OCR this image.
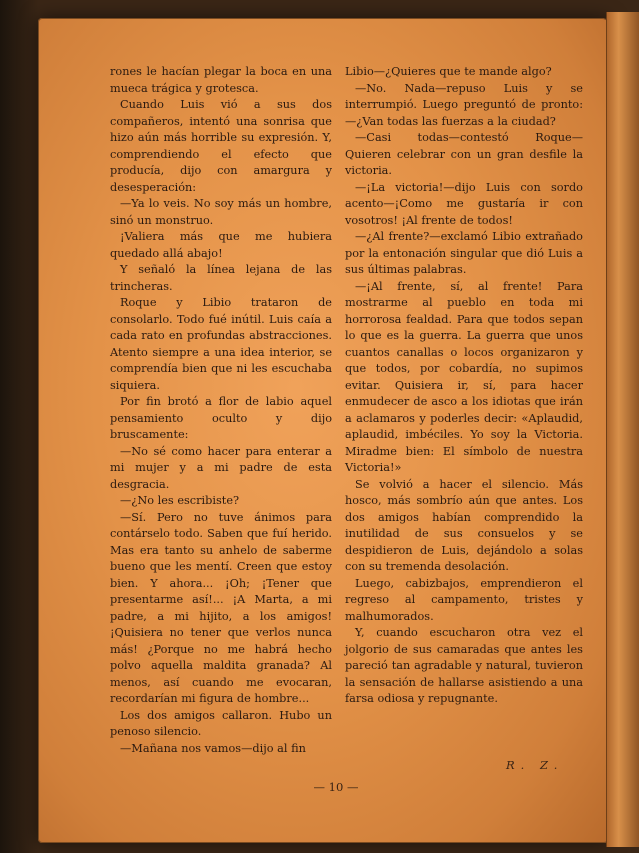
rones le hacían plegar la boca en una mueca trágica y grotesca.

Cuando Luis vió a sus dos compañeros, intentó una sonrisa que hizo aún más horrible su expresión. Y, comprendiendo el efecto que producía, dijo con amargura y desesperación:

—Ya lo veis. No soy más un hombre, sinó un monstruo.

¡Valiera más que me hubiera quedado allá abajo!

Y señaló la línea lejana de las trincheras.

Roque y Libio trataron de consolarlo. Todo fué inútil. Luis caía a cada rato en profundas abstracciones. Atento siempre a una idea interior, se comprendía bien que ni les escuchaba siquiera.

Por fin brotó a flor de labio aquel pensamiento oculto y dijo bruscamente:

—No sé como hacer para enterar a mi mujer y a mi padre de esta desgracia.

—¿No les escribiste?

—Sí. Pero no tuve ánimos para contárselo todo. Saben que fuí herido. Mas era tanto su anhelo de saberme bueno que les mentí. Creen que estoy bien. Y ahora... ¡Oh; ¡Tener que presentarme así!... ¡A Marta, a mi padre, a mi hijito, a los amigos! ¡Quisiera no tener que verlos nunca más! ¿Porque no me habrá hecho polvo aquella maldita granada? Al menos, así cuando me evocaran, recordarían mi figura de hombre...

Los dos amigos callaron. Hubo un penoso silencio.

—Mañana nos vamos—dijo al fin

Libio—¿Quieres que te mande algo?

—No. Nada—repuso Luis y se interrumpió. Luego preguntó de pronto:—¿Van todas las fuerzas a la ciudad?

—Casi todas—contestó Roque—Quieren celebrar con un gran desfile la victoria.

—¡La victoria!—dijo Luis con sordo acento—¡Como me gustaría ir con vosotros! ¡Al frente de todos!

—¿Al frente?—exclamó Libio extrañado por la entonación singular que dió Luis a sus últimas palabras.

—¡Al frente, sí, al frente! Para mostrarme al pueblo en toda mi horrorosa fealdad. Para que todos sepan lo que es la guerra. La guerra que unos cuantos canallas o locos organizaron y que todos, por cobardía, no supimos evitar. Quisiera ir, sí, para hacer enmudecer de asco a los idiotas que irán a aclamaros y poderles decir: «Aplaudid, aplaudid, imbéciles. Yo soy la Victoria. Miradme bien: El símbolo de nuestra Victoria!»

Se volvió a hacer el silencio. Más hosco, más sombrío aún que antes. Los dos amigos habían comprendido la inutilidad de sus consuelos y se despidieron de Luis, dejándolo a solas con su tremenda desolación.

Luego, cabizbajos, emprendieron el regreso al campamento, tristes y malhumorados.

Y, cuando escucharon otra vez el jolgorio de sus camaradas que antes les pareció tan agradable y natural, tuvieron la sensación de hallarse asistiendo a una farsa odiosa y repugnante.

R. Z.
— 10 —
